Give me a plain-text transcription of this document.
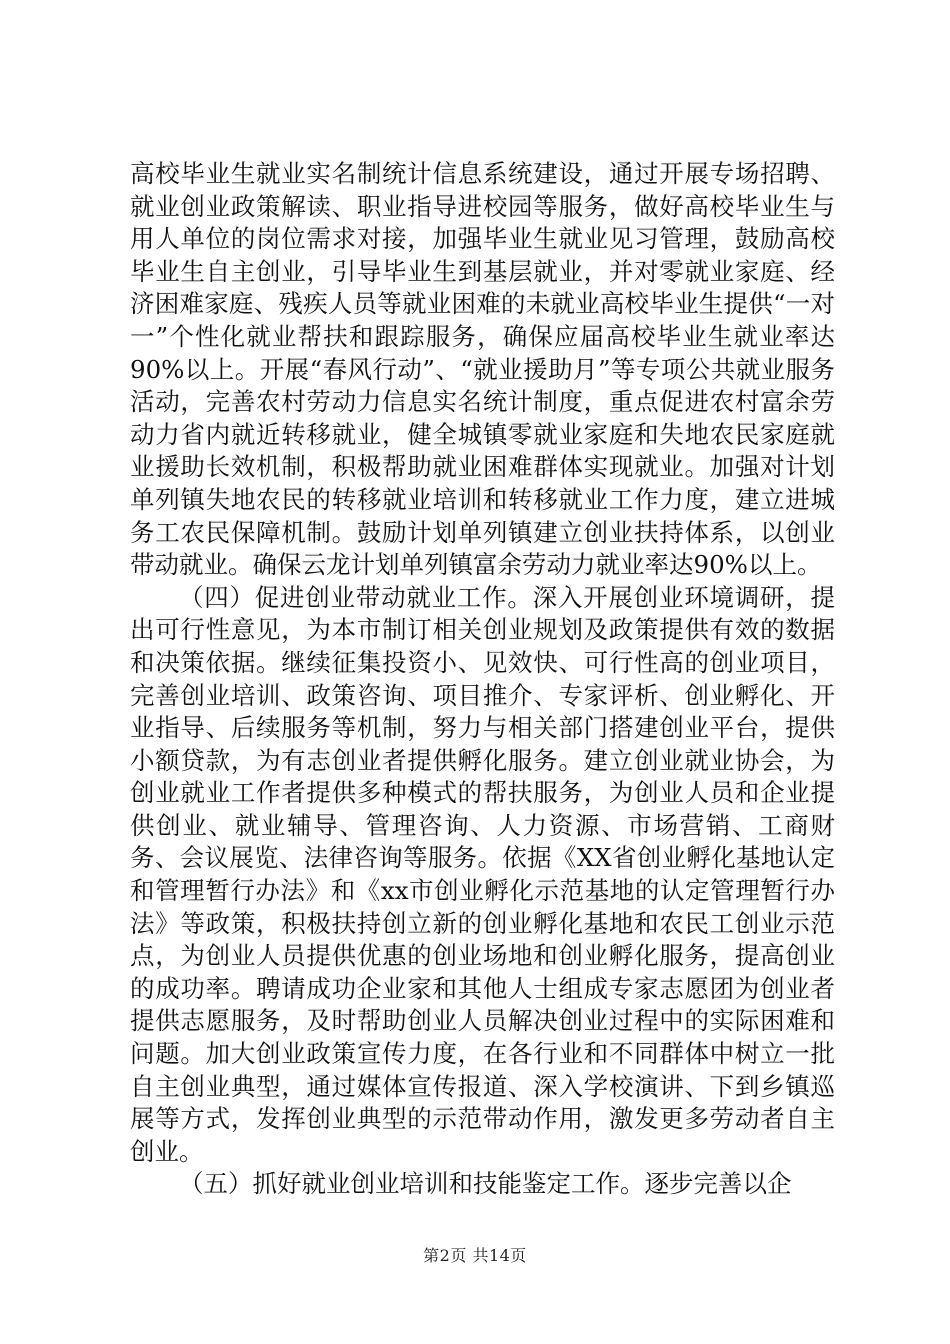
高校毕业生就业实名制统计信息系统建设，通过开展专场招聘、就业创业政策解读、职业指导进校园等服务，做好高校毕业生与用人单位的岗位需求对接，加强毕业生就业见习管理，鼓励高校毕业生自主创业，引导毕业生到基层就业，并对零就业家庭、经济困难家庭、残疾人员等就业困难的未就业高校毕业生提供“一对一”个性化就业帮扶和跟踪服务，确保应届高校毕业生就业率达90%以上。开展“春风行动”、“就业援助月”等专项公共就业服务活动，完善农村劳动力信息实名统计制度，重点促进农村富余劳动力省内就近转移就业，健全城镇零就业家庭和失地农民家庭就业援助长效机制，积极帮助就业困难群体实现就业。加强对计划单列镇失地农民的转移就业培训和转移就业工作力度，建立进城务工农民保障机制。鼓励计划单列镇建立创业扶持体系，以创业带动就业。确保云龙计划单列镇富余劳动力就业率达90%以上。

（四）促进创业带动就业工作。深入开展创业环境调研，提出可行性意见，为本市制订相关创业规划及政策提供有效的数据和决策依据。继续征集投资小、见效快、可行性高的创业项目，完善创业培训、政策咨询、项目推介、专家评析、创业孵化、开业指导、后续服务等机制，努力与相关部门搭建创业平台，提供小额贷款，为有志创业者提供孵化服务。建立创业就业协会，为创业就业工作者提供多种模式的帮扶服务，为创业人员和企业提供创业、就业辅导、管理咨询、人力资源、市场营销、工商财务、会议展览、法律咨询等服务。依据《XX省创业孵化基地认定和管理暂行办法》和《xx市创业孵化示范基地的认定管理暂行办法》等政策，积极扶持创立新的创业孵化基地和农民工创业示范点，为创业人员提供优惠的创业场地和创业孵化服务，提高创业的成功率。聘请成功企业家和其他人士组成专家志愿团为创业者提供志愿服务，及时帮助创业人员解决创业过程中的实际困难和问题。加大创业政策宣传力度，在各行业和不同群体中树立一批自主创业典型，通过媒体宣传报道、深入学校演讲、下到乡镇巡展等方式，发挥创业典型的示范带动作用，激发更多劳动者自主创业。

（五）抓好就业创业培训和技能鉴定工作。逐步完善以企

第2页 共14页
